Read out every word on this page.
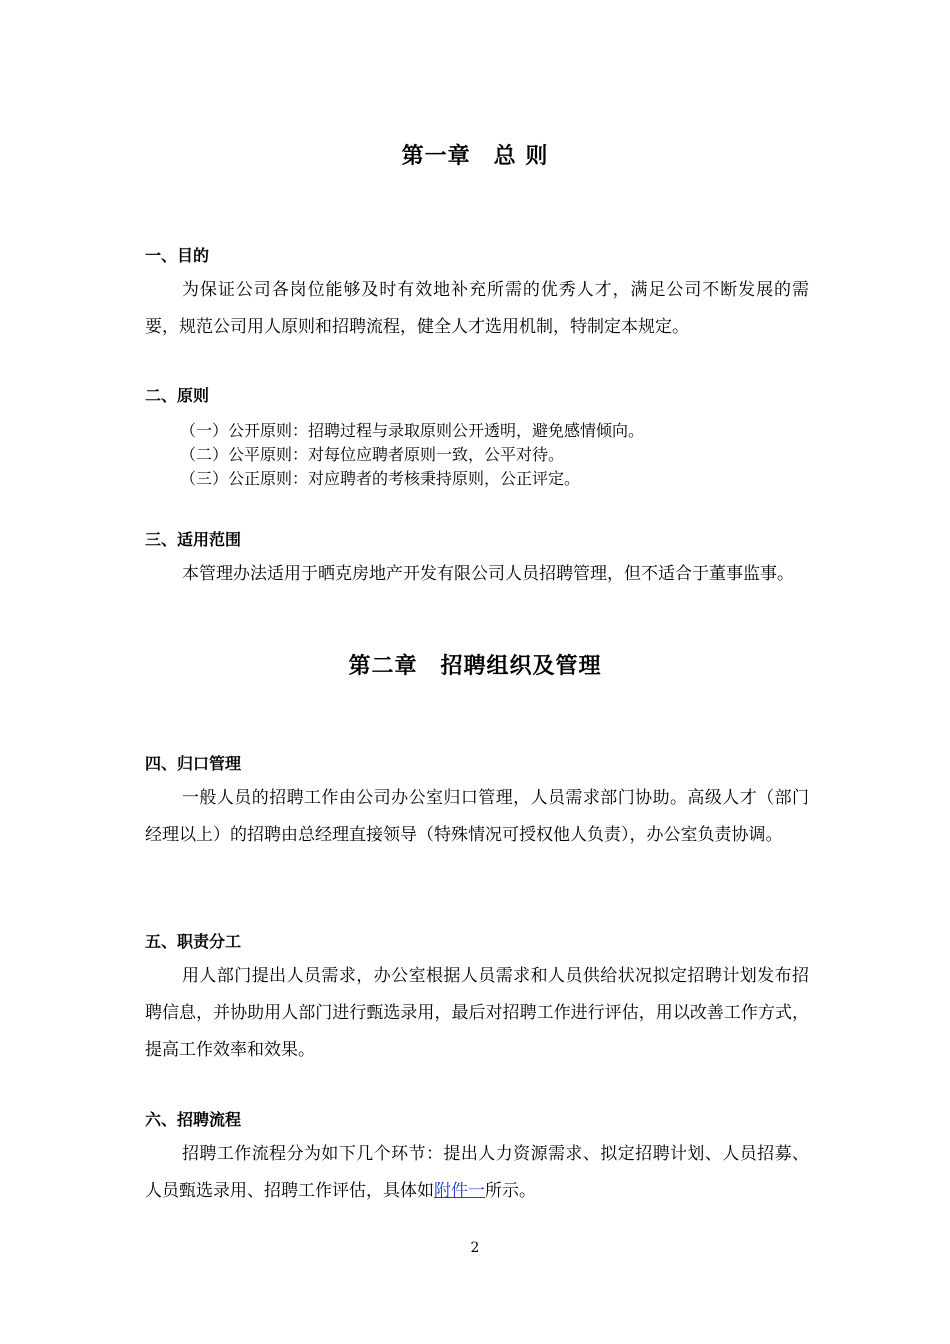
第一章　总 则
一、目的

为保证公司各岗位能够及时有效地补充所需的优秀人才，满足公司不断发展的需要，规范公司用人原则和招聘流程，健全人才选用机制，特制定本规定。

二、原则
（一）公开原则：招聘过程与录取原则公开透明，避免感情倾向。
（二）公平原则：对每位应聘者原则一致，公平对待。
（三）公正原则：对应聘者的考核秉持原则，公正评定。
三、适用范围

本管理办法适用于晒克房地产开发有限公司人员招聘管理，但不适合于董事监事。

第二章　招聘组织及管理
四、归口管理

一般人员的招聘工作由公司办公室归口管理，人员需求部门协助。高级人才（部门经理以上）的招聘由总经理直接领导（特殊情况可授权他人负责），办公室负责协调。

五、职责分工

用人部门提出人员需求，办公室根据人员需求和人员供给状况拟定招聘计划发布招聘信息，并协助用人部门进行甄选录用，最后对招聘工作进行评估，用以改善工作方式，提高工作效率和效果。

六、招聘流程

招聘工作流程分为如下几个环节：提出人力资源需求、拟定招聘计划、人员招募、人员甄选录用、招聘工作评估，具体如附件一所示。

2
